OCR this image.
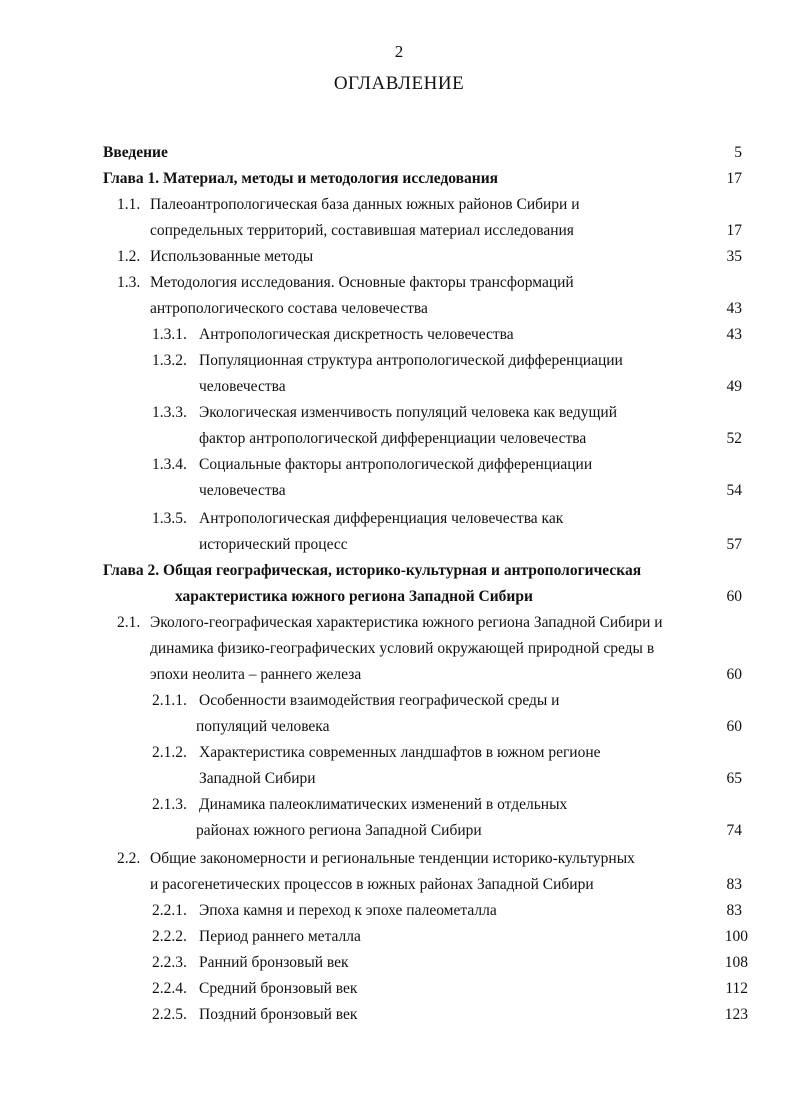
2
ОГЛАВЛЕНИЕ
Введение	5
Глава 1. Материал, методы и методология исследования	17
1.1. Палеоантропологическая база данных южных районов Сибири и
сопредельных территорий, составившая материал исследования	17
1.2. Использованные методы	35
1.3. Методология исследования. Основные факторы трансформаций
антропологического состава человечества	43
1.3.1. Антропологическая дискретность человечества	43
1.3.2. Популяционная структура антропологической дифференциации
человечества	49
1.3.3. Экологическая изменчивость популяций человека как ведущий
фактор антропологической дифференциации человечества	52
1.3.4. Социальные факторы антропологической дифференциации
человечества	54
1.3.5. Антропологическая дифференциация человечества как
исторический процесс	57
Глава 2. Общая географическая, историко-культурная и антропологическая
характеристика южного региона Западной Сибири	60
2.1. Эколого-географическая характеристика южного региона Западной Сибири и
динамика физико-географических условий окружающей природной среды в
эпохи неолита – раннего железа	60
2.1.1. Особенности взаимодействия географической среды и
популяций человека	60
2.1.2. Характеристика современных ландшафтов в южном регионе
Западной Сибири	65
2.1.3. Динамика палеоклиматических изменений в отдельных
районах южного региона Западной Сибири	74
2.2. Общие закономерности и региональные тенденции историко-культурных
и расогенетических процессов в южных районах Западной Сибири	83
2.2.1. Эпоха камня и переход к эпохе палеометалла	83
2.2.2. Период раннего металла	100
2.2.3. Ранний бронзовый век	108
2.2.4. Средний бронзовый век	112
2.2.5. Поздний бронзовый век	123
